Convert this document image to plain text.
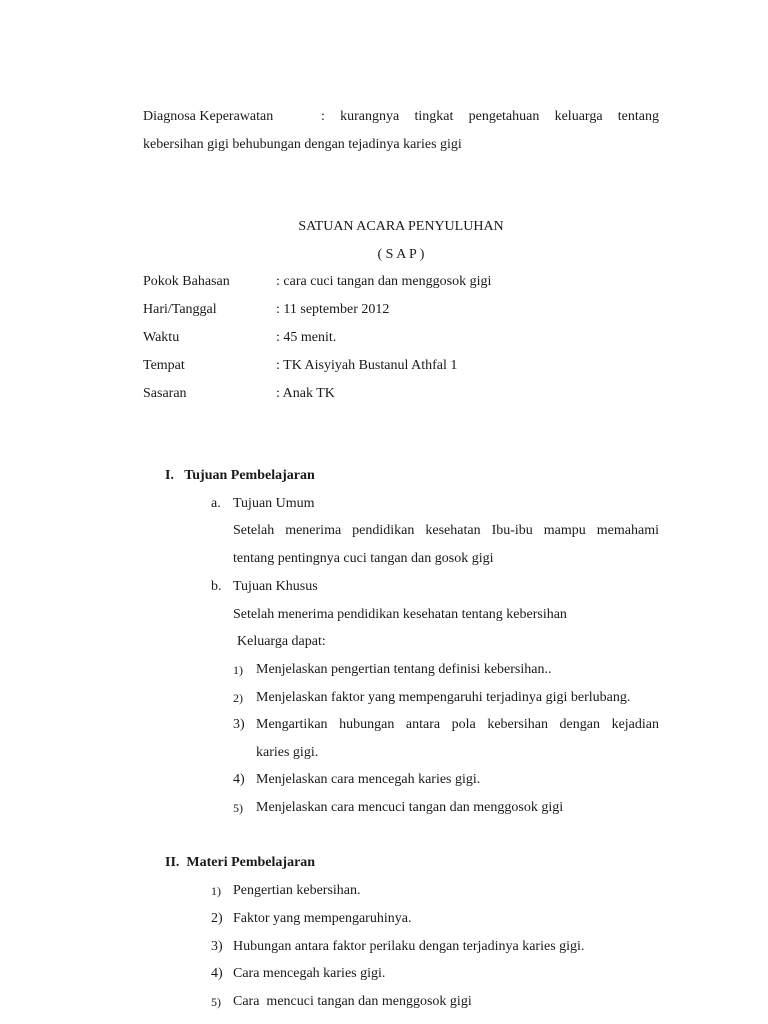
Diagnosa Keperawatan	: kurangnya tingkat pengetahuan keluarga tentang
kebersihan gigi behubungan dengan tejadinya karies gigi
SATUAN ACARA PENYULUHAN
( S A P )
Pokok Bahasan	: cara cuci tangan dan menggosok gigi
Hari/Tanggal	: 11 september 2012
Waktu	: 45 menit.
Tempat	: TK Aisyiyah Bustanul Athfal 1
Sasaran	: Anak TK
I.   Tujuan Pembelajaran
a. Tujuan Umum
Setelah menerima pendidikan kesehatan Ibu-ibu mampu memahami
tentang pentingnya cuci tangan dan gosok gigi
b. Tujuan Khusus
Setelah menerima pendidikan kesehatan tentang kebersihan
Keluarga dapat:
1) Menjelaskan pengertian tentang definisi kebersihan..
2) Menjelaskan faktor yang mempengaruhi terjadinya gigi berlubang.
3) Mengartikan hubungan antara pola kebersihan dengan kejadian
karies gigi.
4) Menjelaskan cara mencegah karies gigi.
5) Menjelaskan cara mencuci tangan dan menggosok gigi
II.  Materi Pembelajaran
1) Pengertian kebersihan.
2) Faktor yang mempengaruhinya.
3) Hubungan antara faktor perilaku dengan terjadinya karies gigi.
4) Cara mencegah karies gigi.
5) Cara  mencuci tangan dan menggosok gigi
